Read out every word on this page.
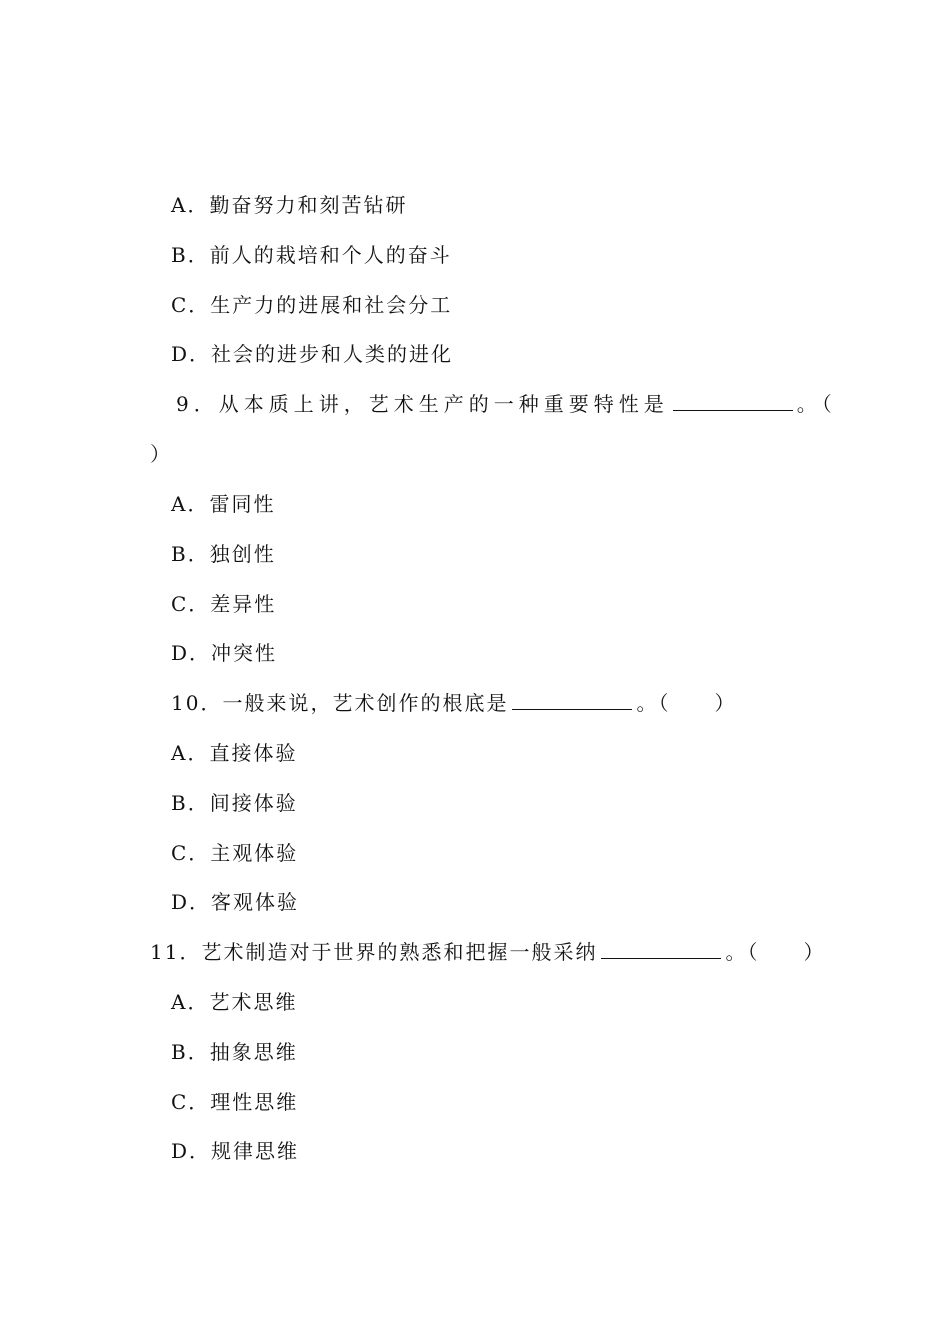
A．勤奋努力和刻苦钻研
B．前人的栽培和个人的奋斗
C．生产力的进展和社会分工
D．社会的进步和人类的进化
9．从本质上讲，艺术生产的一种重要特性是	。（
）
A．雷同性
B．独创性
C．差异性
D．冲突性
10．一般来说，艺术创作的根底是	。（　　）
A．直接体验
B．间接体验
C．主观体验
D．客观体验
11．艺术制造对于世界的熟悉和把握一般采纳	。（　　）
A．艺术思维
B．抽象思维
C．理性思维
D．规律思维
